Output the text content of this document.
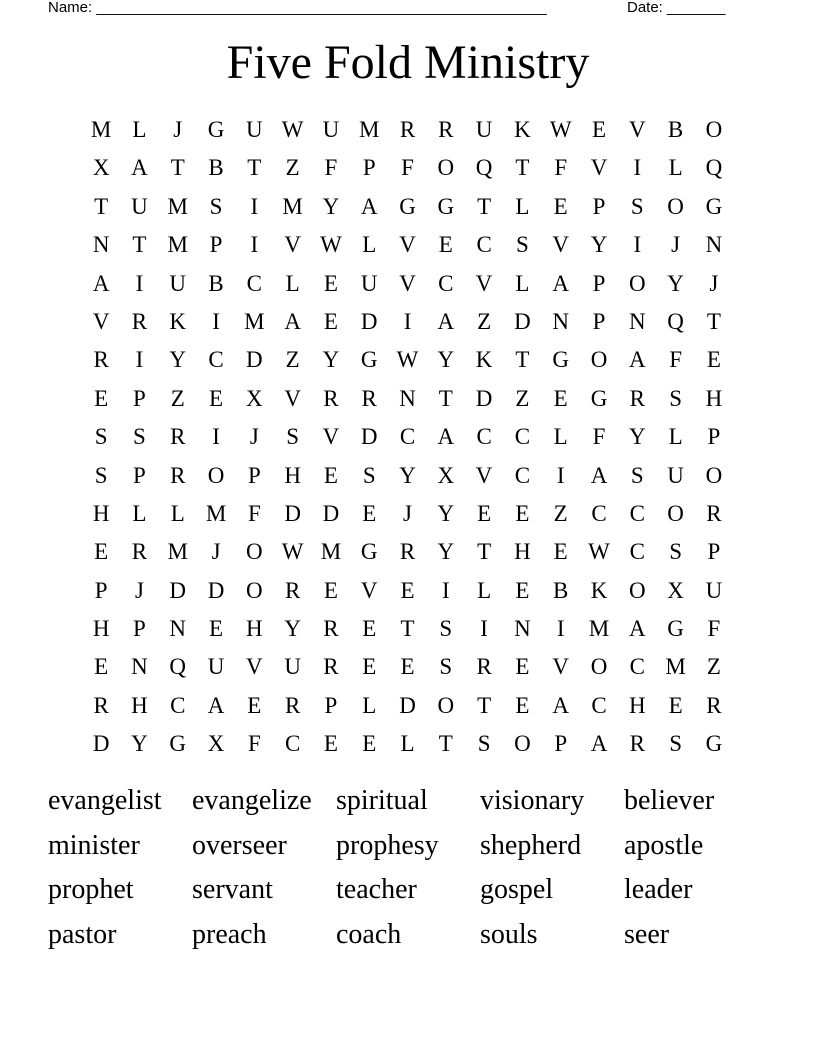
Name: ______________________________________________________	Date: _______
Five Fold Ministry
M L	J	G U W U M R R U K W E V B O
X A T	B	T	Z	F	P	F	O Q T	F	V	I	L Q
T U M S	I	M Y A G G T	L	E	P	S	O G
N T M P	I	V W L V E	C	S	V Y	I	J	N
A	I	U B C	L	E U V C V L A	P	O Y	J
V R K	I	M A E D	I	A Z D N	P	N Q T
R	I	Y C D Z Y G W Y K T G O A	F	E
E	P	Z	E X V R R N T D Z	E G R	S	H
S	S	R	I	J	S	V D C A C C	L	F	Y L	P
S	P	R O	P	H E	S	Y X V C	I	A	S	U O
H L	L M F	D D E	J	Y E	E	Z	C C O R
E	R M	J	O W M G R Y T H E W C	S	P
P	J	D D O R	E V E	I	L	E	B K O X U
H	P	N E H Y R	E	T	S	I	N	I	M A G	F
E N Q U V U R	E	E	S	R	E V O C M Z
R H C A E	R	P	L D O T	E A C H E	R
D Y G X	F	C	E	E	L	T	S	O	P	A R	S	G
evangelist	evangelize spiritual	visionary	believer
minister	overseer	prophesy	shepherd	apostle
prophet	servant	teacher	gospel	leader
pastor	preach	coach	souls	seer
